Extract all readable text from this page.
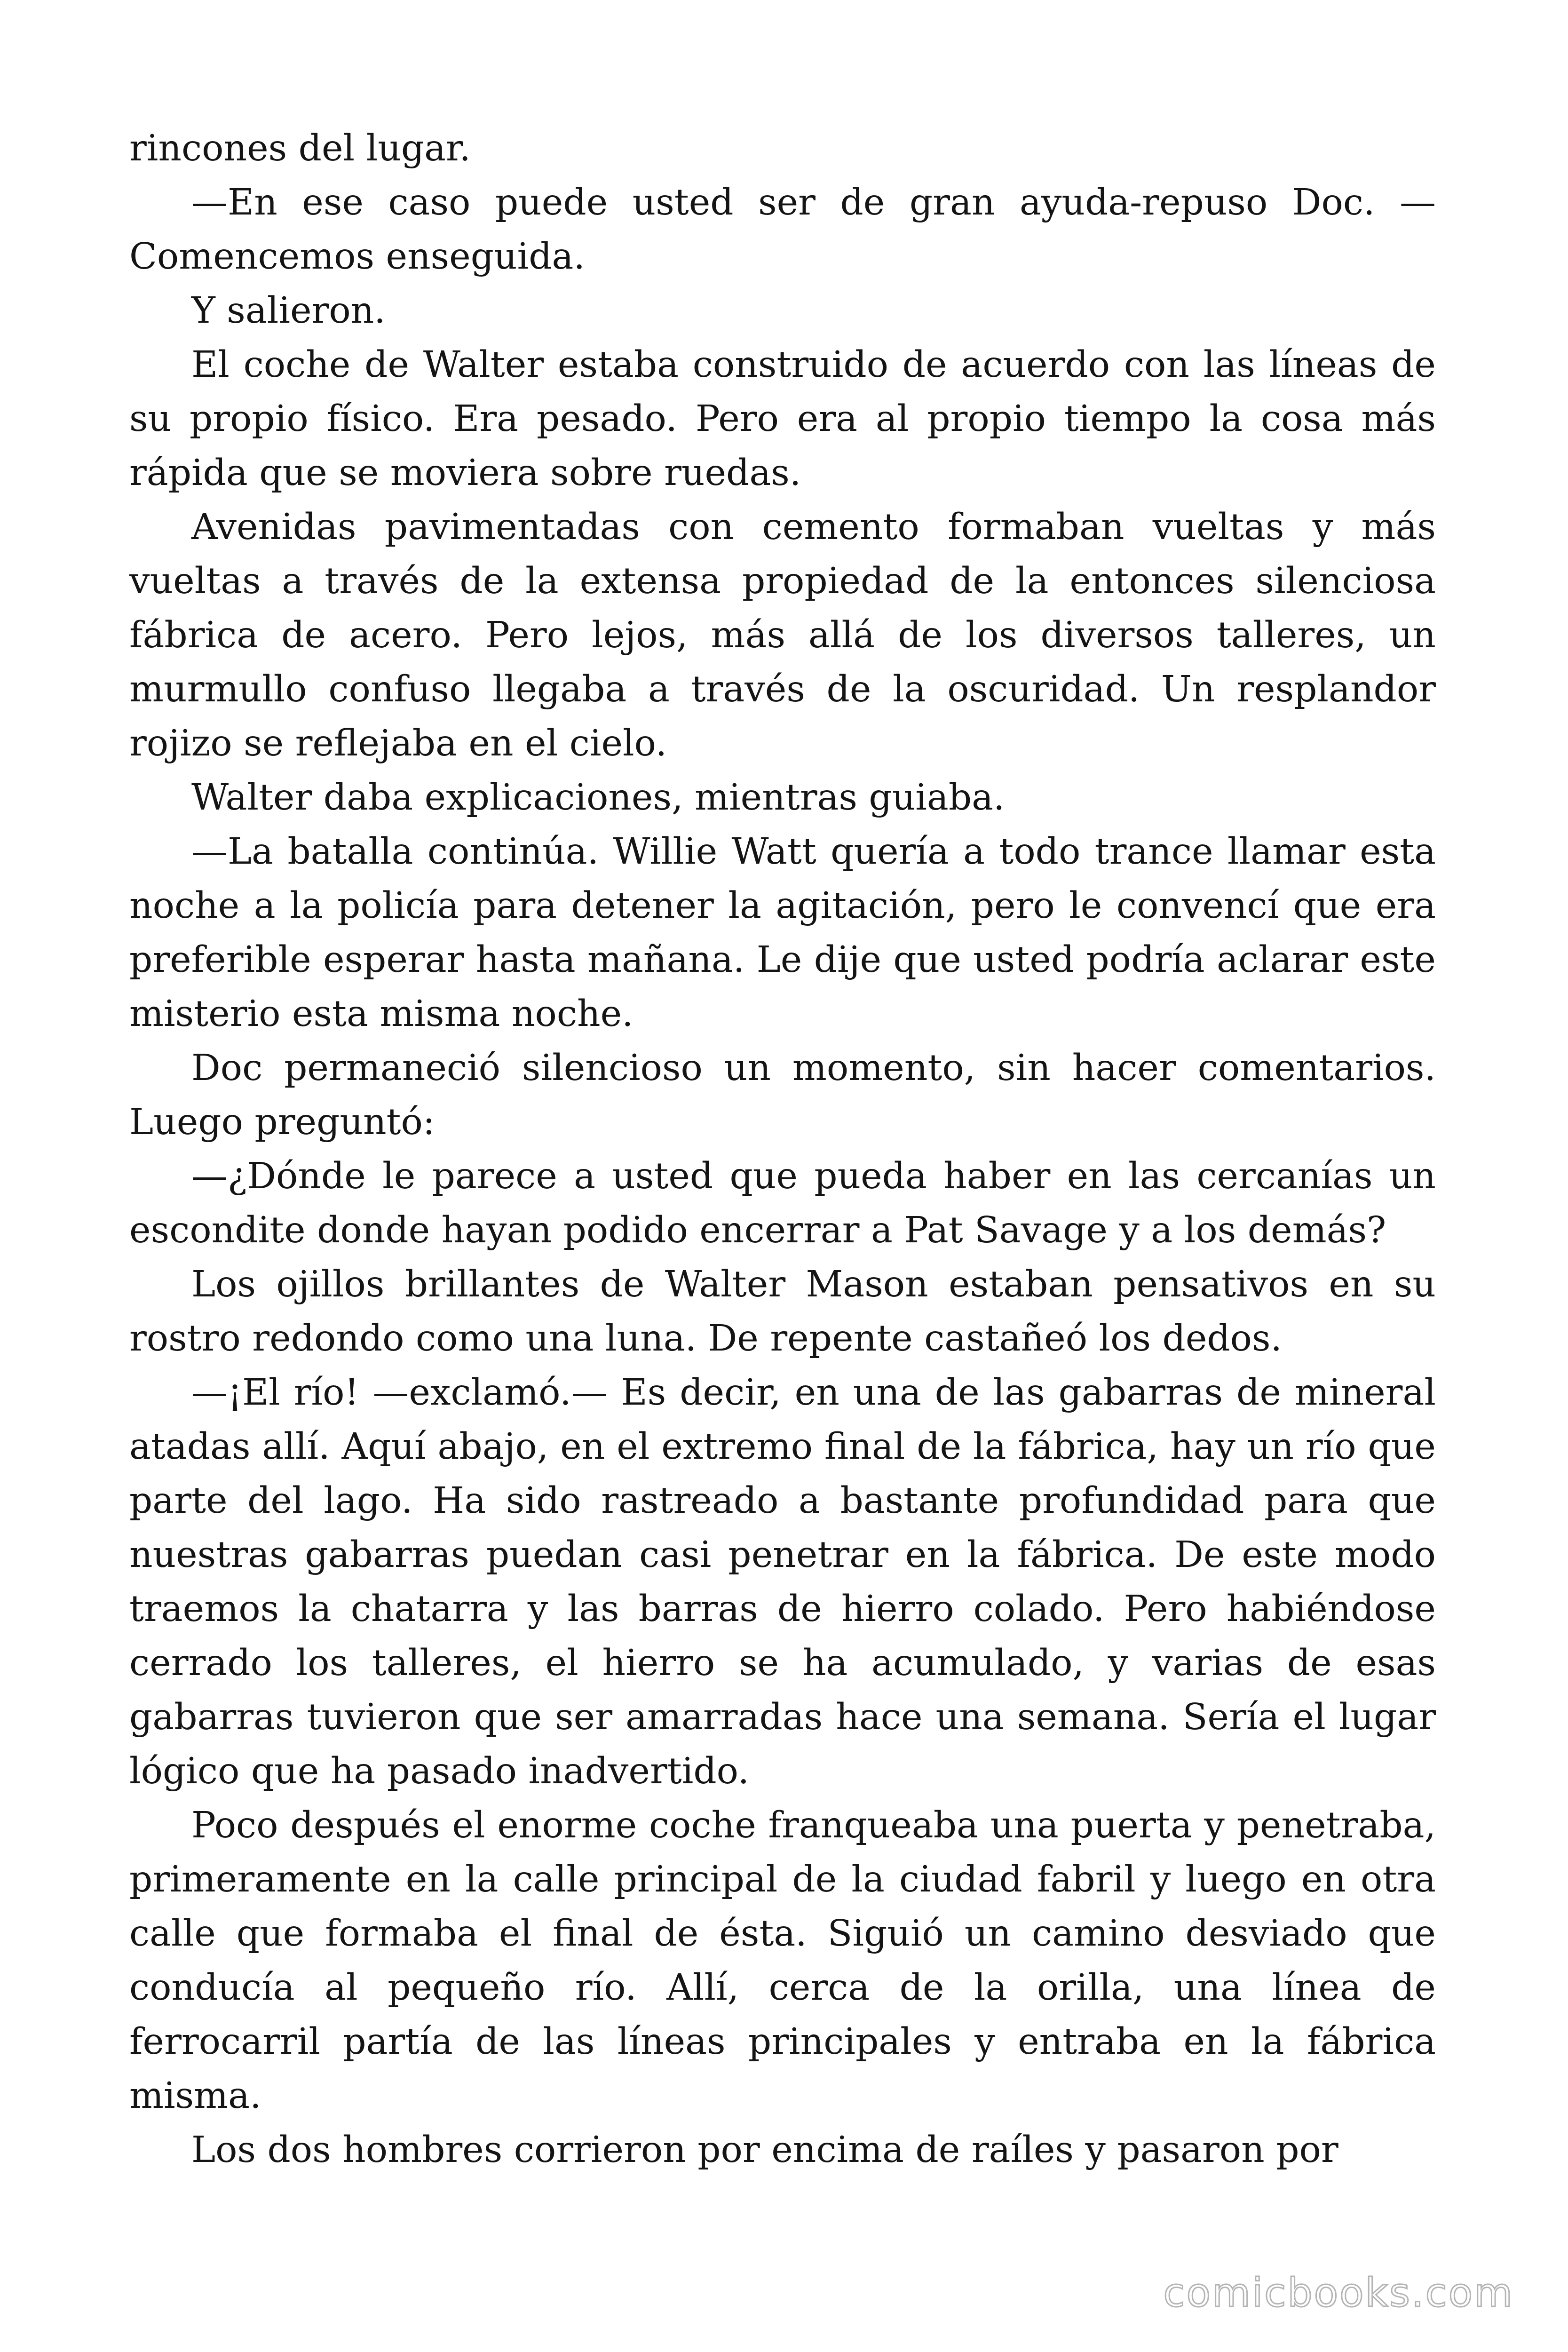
rincones del lugar.

—En ese caso puede usted ser de gran ayuda-repuso Doc. —Comencemos enseguida.

Y salieron.

El coche de Walter estaba construido de acuerdo con las líneas de su propio físico. Era pesado. Pero era al propio tiempo la cosa más rápida que se moviera sobre ruedas.

Avenidas pavimentadas con cemento formaban vueltas y más vueltas a través de la extensa propiedad de la entonces silenciosa fábrica de acero. Pero lejos, más allá de los diversos talleres, un murmullo confuso llegaba a través de la oscuridad. Un resplandor rojizo se reflejaba en el cielo.

Walter daba explicaciones, mientras guiaba.

—La batalla continúa. Willie Watt quería a todo trance llamar esta noche a la policía para detener la agitación, pero le convencí que era preferible esperar hasta mañana. Le dije que usted podría aclarar este misterio esta misma noche.

Doc permaneció silencioso un momento, sin hacer comentarios. Luego preguntó:

—¿Dónde le parece a usted que pueda haber en las cercanías un escondite donde hayan podido encerrar a Pat Savage y a los demás?

Los ojillos brillantes de Walter Mason estaban pensativos en su rostro redondo como una luna. De repente castañeó los dedos.

—¡El río! —exclamó.— Es decir, en una de las gabarras de mineral atadas allí. Aquí abajo, en el extremo final de la fábrica, hay un río que parte del lago. Ha sido rastreado a bastante profundidad para que nuestras gabarras puedan casi penetrar en la fábrica. De este modo traemos la chatarra y las barras de hierro colado. Pero habiéndose cerrado los talleres, el hierro se ha acumulado, y varias de esas gabarras tuvieron que ser amarradas hace una semana. Sería el lugar lógico que ha pasado inadvertido.

Poco después el enorme coche franqueaba una puerta y penetraba, primeramente en la calle principal de la ciudad fabril y luego en otra calle que formaba el final de ésta. Siguió un camino desviado que conducía al pequeño río. Allí, cerca de la orilla, una línea de ferrocarril partía de las líneas principales y entraba en la fábrica misma.

Los dos hombres corrieron por encima de raíles y pasaron por

comicbooks.com
